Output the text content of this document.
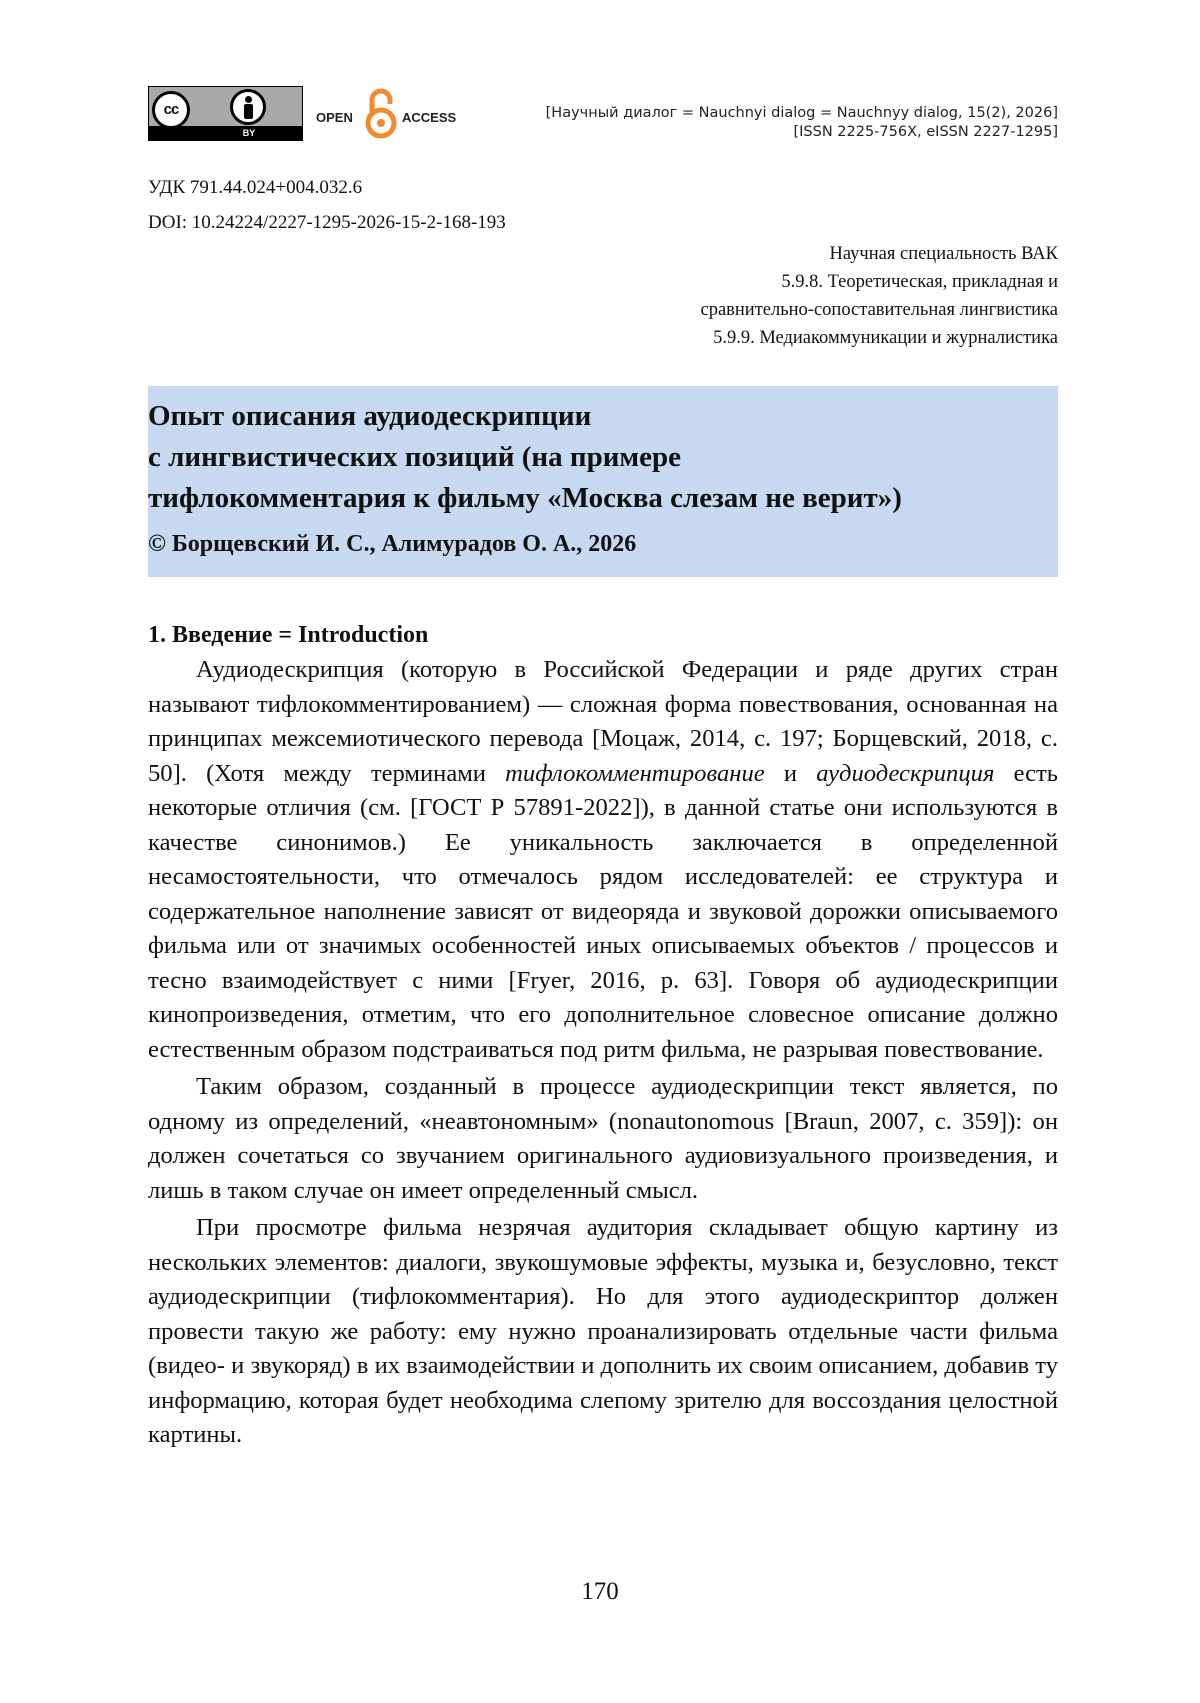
cc
BY
OPEN	ACCESS	[Научный диалог = Nauchnyi dialog = Nauchnyy dialog, 15(2), 2026]
[ISSN 2225-756X, eISSN 2227-1295]
УДК 791.44.024+004.032.6
DOI: 10.24224/2227-1295-2026-15-2-168-193
Научная специальность ВАК
5.9.8. Теоретическая, прикладная и
сравнительно-сопоставительная лингвистика
5.9.9. Медиакоммуникации и журналистика
Опыт описания аудиодескрипции
с лингвистических позиций (на примере
тифлокомментария к фильму «Москва слезам не верит»)
© Борщевский И. С., Алимурадов О. А., 2026
1. Введение = Introduction

Аудиодескрипция (которую в Российской Федерации и ряде других стран называют тифлокомментированием) — сложная форма повествования, основанная на принципах межсемиотического перевода [Моцаж, 2014, с. 197; Борщевский, 2018, с. 50]. (Хотя между терминами тифлокомментирование и аудиодескрипция есть некоторые отличия (см. [ГОСТ Р 57891-2022]), в данной статье они используются в качестве синонимов.) Ее уникальность заключается в определенной несамостоятельности, что отмечалось рядом исследователей: ее структура и содержательное наполнение зависят от видеоряда и звуковой дорожки описываемого фильма или от значимых особенностей иных описываемых объектов / процессов и тесно взаимодействует с ними [Fryer, 2016, p. 63]. Говоря об аудиодескрипции кинопроизведения, отметим, что его дополнительное словесное описание должно естественным образом подстраиваться под ритм фильма, не разрывая повествование.

Таким образом, созданный в процессе аудиодескрипции текст является, по одному из определений, «неавтономным» (nonautonomous [Braun, 2007, с. 359]): он должен сочетаться со звучанием оригинального аудиовизуального произведения, и лишь в таком случае он имеет определенный смысл.

При просмотре фильма незрячая аудитория складывает общую картину из нескольких элементов: диалоги, звукошумовые эффекты, музыка и, безусловно, текст аудиодескрипции (тифлокомментария). Но для этого аудиодескриптор должен провести такую же работу: ему нужно проанализировать отдельные части фильма (видео- и звукоряд) в их взаимодействии и дополнить их своим описанием, добавив ту информацию, которая будет необходима слепому зрителю для воссоздания целостной картины.

170
